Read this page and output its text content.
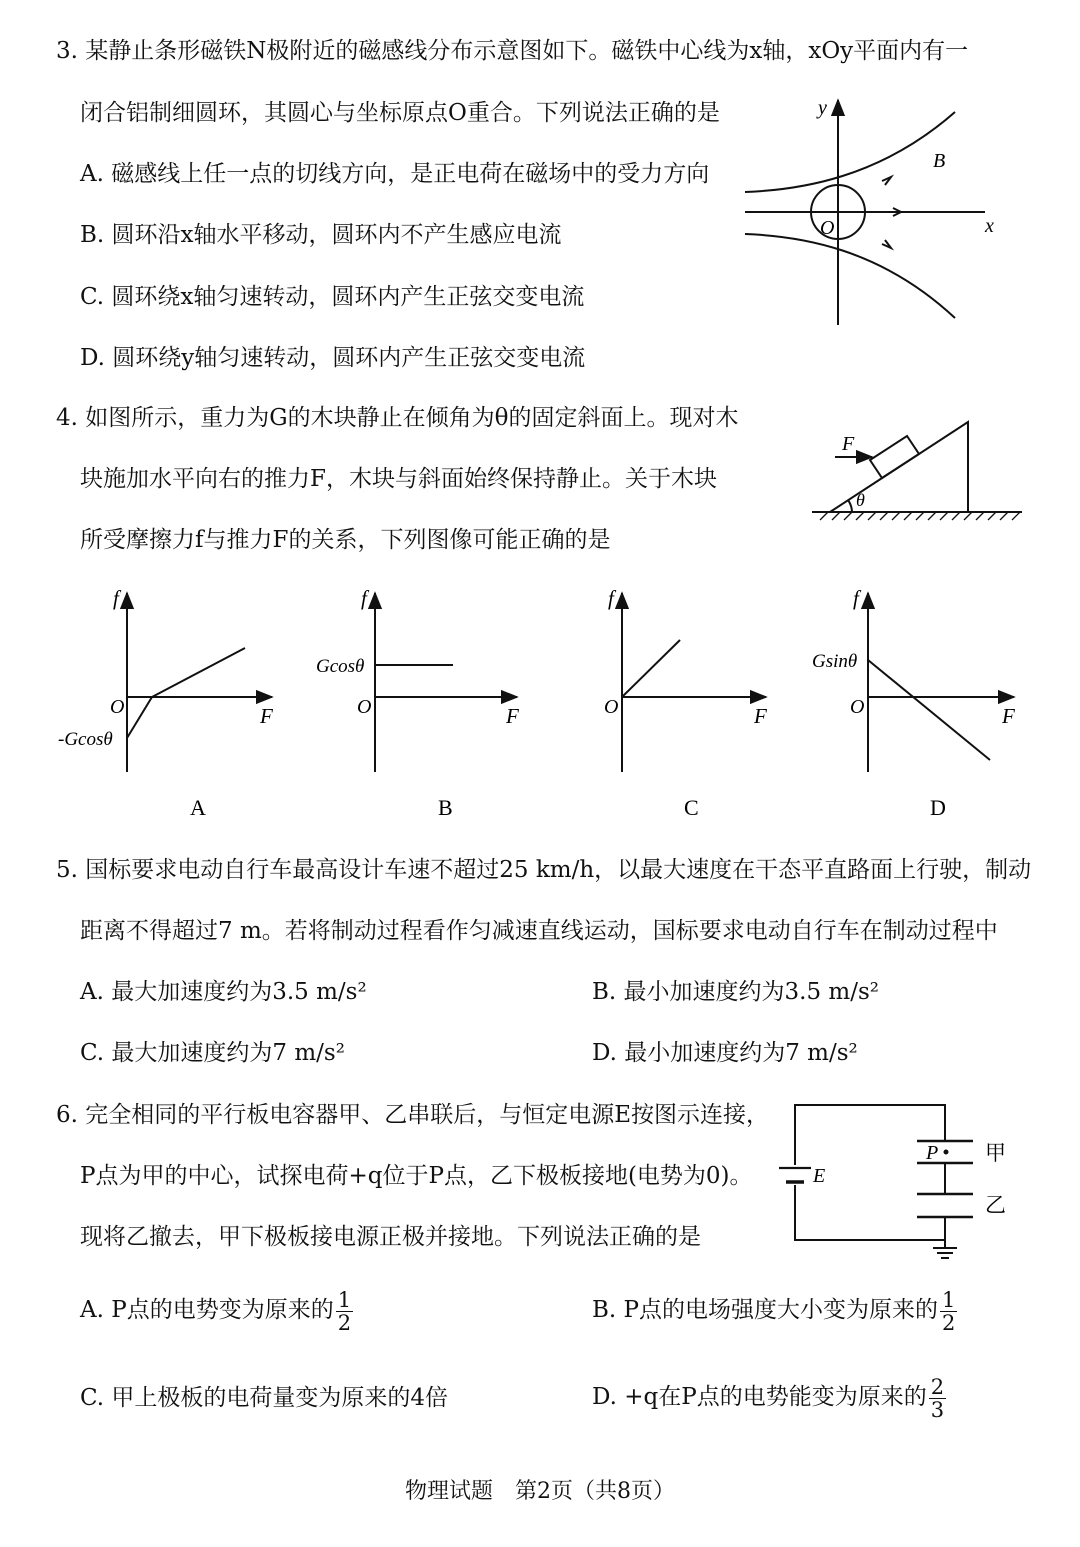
3. 某静止条形磁铁N极附近的磁感线分布示意图如下。磁铁中心线为x轴，xOy平面内有一
闭合铝制细圆环，其圆心与坐标原点O重合。下列说法正确的是
A. 磁感线上任一点的切线方向，是正电荷在磁场中的受力方向
B. 圆环沿x轴水平移动，圆环内不产生感应电流
C. 圆环绕x轴匀速转动，圆环内产生正弦交变电流
D. 圆环绕y轴匀速转动，圆环内产生正弦交变电流
4. 如图所示，重力为G的木块静止在倾角为θ的固定斜面上。现对木
块施加水平向右的推力F，木块与斜面始终保持静止。关于木块
所受摩擦力f与推力F的关系，下列图像可能正确的是
5. 国标要求电动自行车最高设计车速不超过25 km/h，以最大速度在干态平直路面上行驶，制动
距离不得超过7 m。若将制动过程看作匀减速直线运动，国标要求电动自行车在制动过程中
A. 最大加速度约为3.5 m/s²	B. 最小加速度约为3.5 m/s²
C. 最大加速度约为7 m/s²	D. 最小加速度约为7 m/s²
6. 完全相同的平行板电容器甲、乙串联后，与恒定电源E按图示连接，
P点为甲的中心，试探电荷+q位于P点，乙下极板接地(电势为0)。
现将乙撤去，甲下极板接电源正极并接地。下列说法正确的是
A. P点的电势变为原来的 $\frac{1}{2}$	B. P点的电场强度大小变为原来的 $\frac{1}{2}$
C. 甲上极板的电荷量变为原来的4倍	D. +q在P点的电势能变为原来的 $\frac{2}{3}$
物理试题　第2页（共8页）
y
x
O
B
F
θ
f
F
O
-Gcosθ
A
f
F
O
Gcosθ
B
f
F
O
C
f
F
O
Gsinθ
D
E
P 甲
乙
